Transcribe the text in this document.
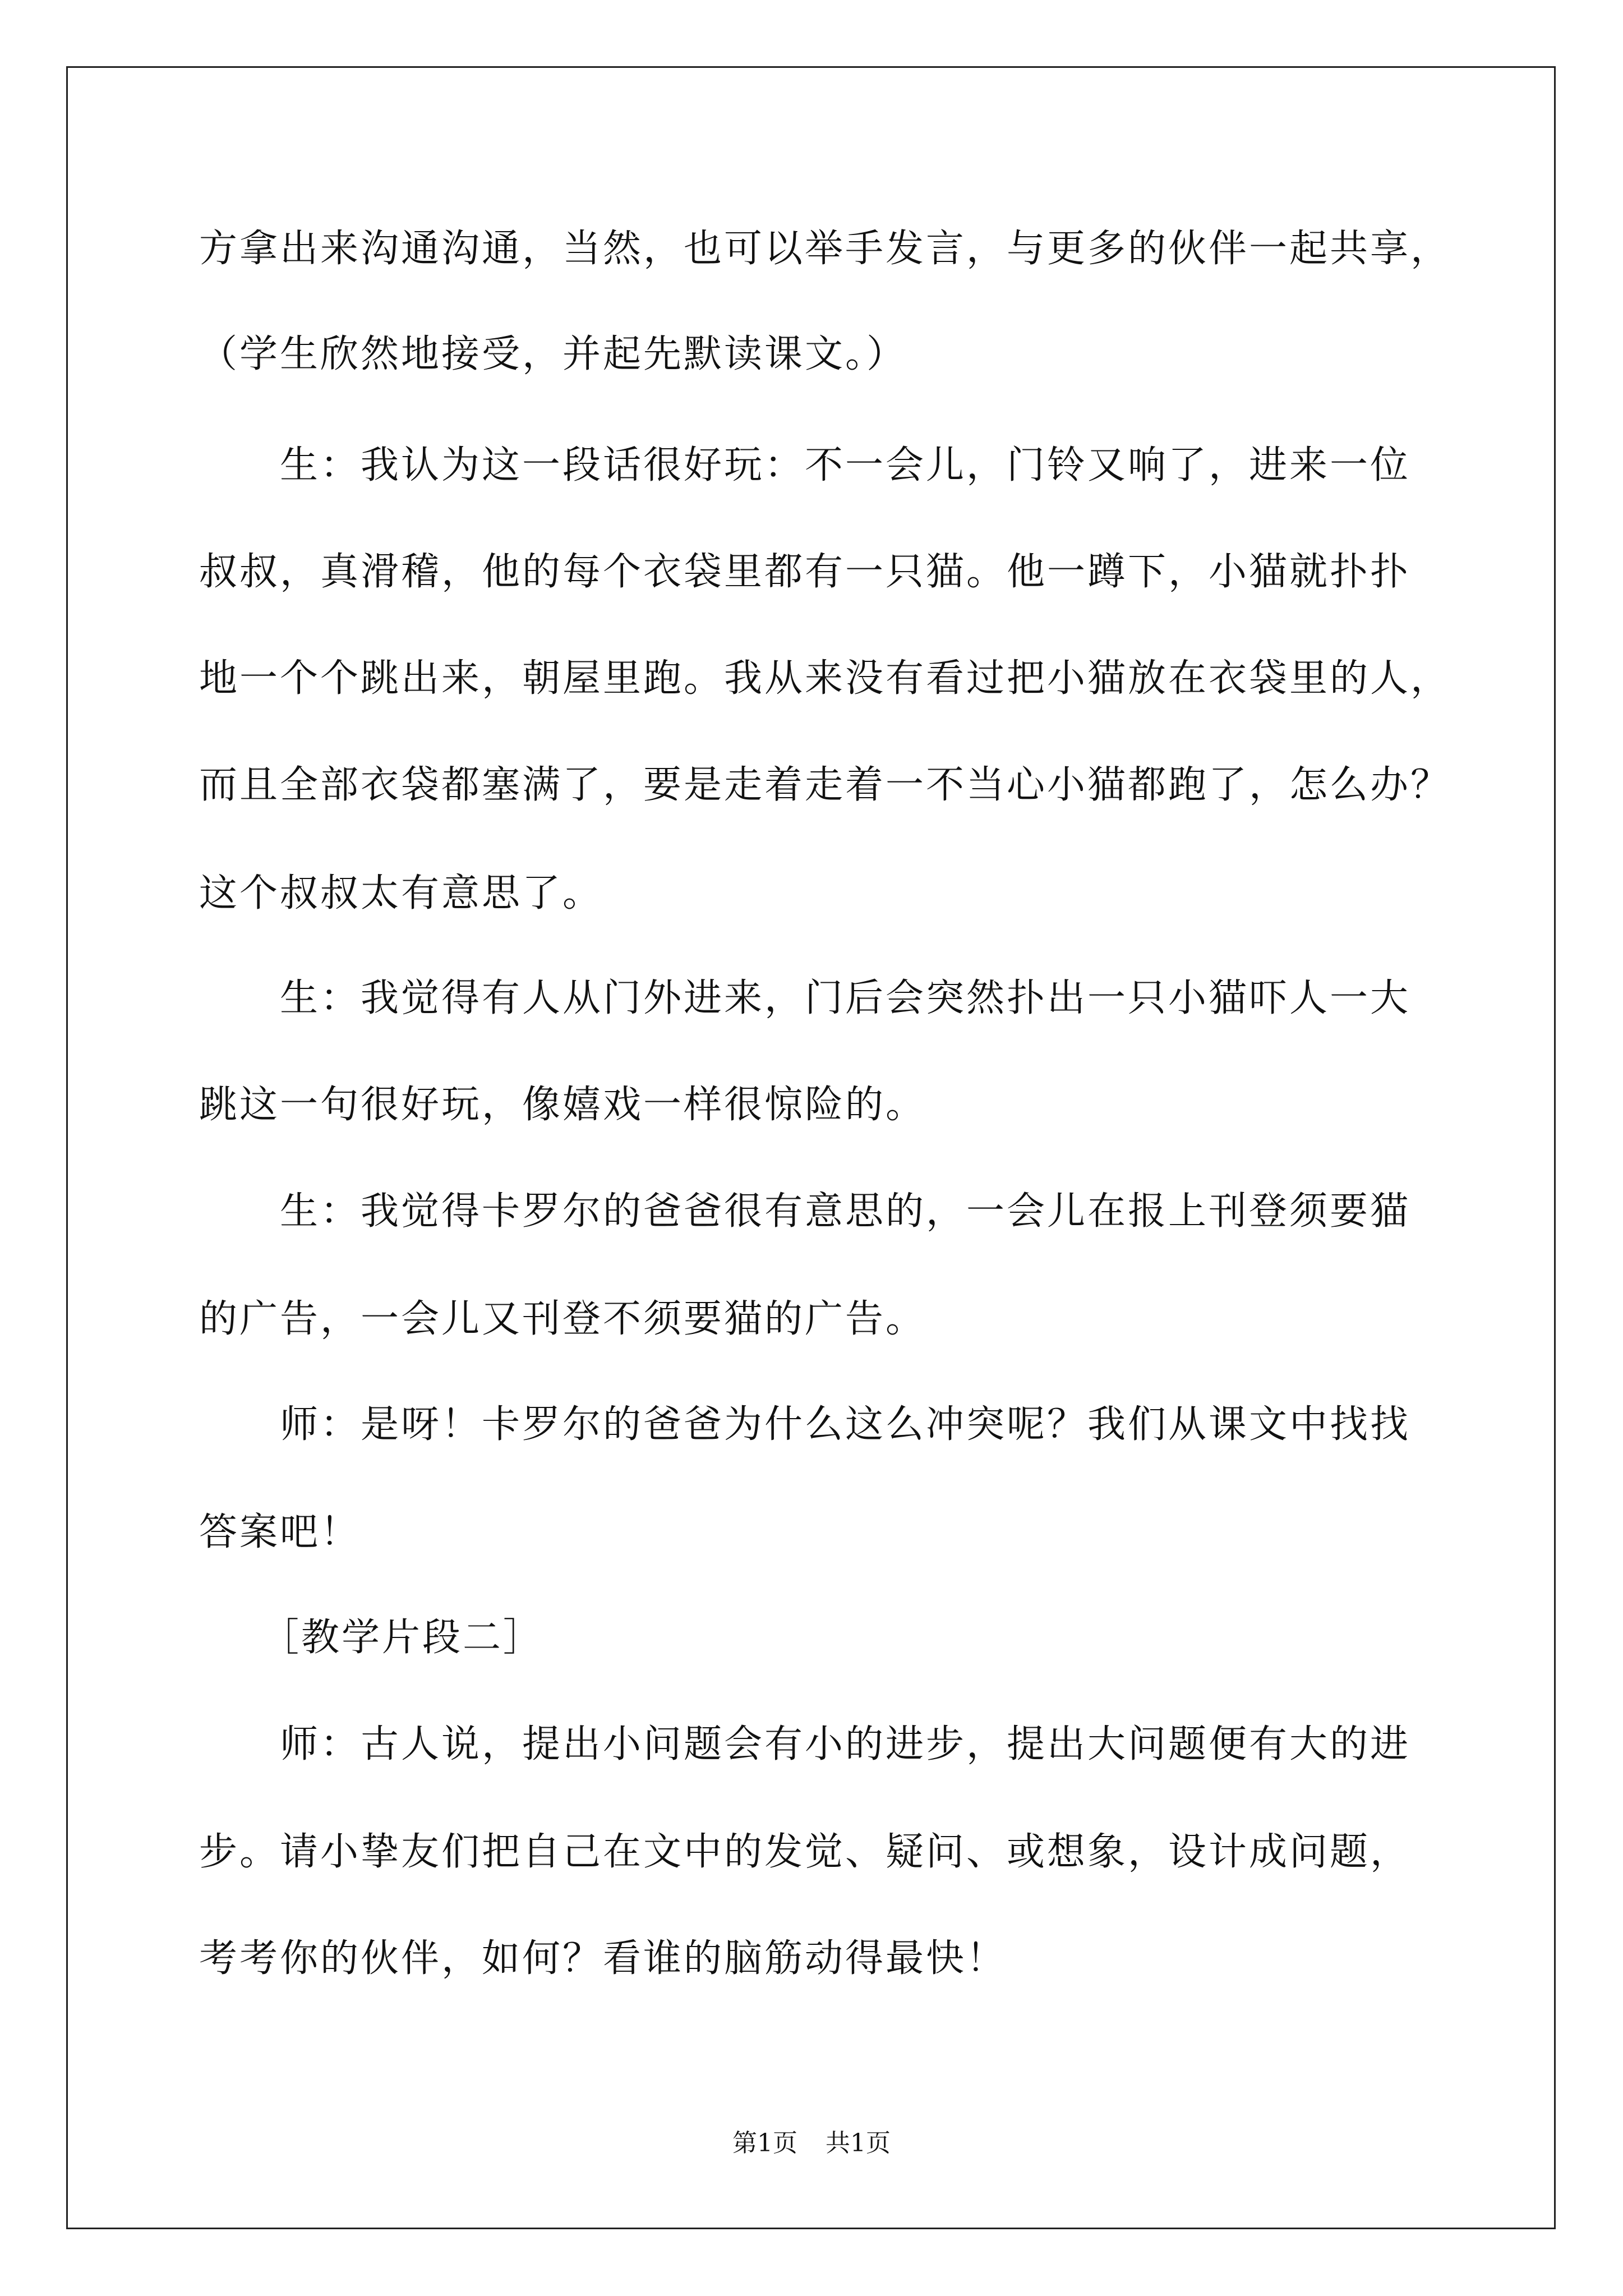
方拿出来沟通沟通，当然，也可以举手发言，与更多的伙伴一起共享，
（学生欣然地接受，并起先默读课文。）
　　生：我认为这一段话很好玩：不一会儿，门铃又响了，进来一位
叔叔，真滑稽，他的每个衣袋里都有一只猫。他一蹲下，小猫就扑扑
地一个个跳出来，朝屋里跑。我从来没有看过把小猫放在衣袋里的人，
而且全部衣袋都塞满了，要是走着走着一不当心小猫都跑了，怎么办？
这个叔叔太有意思了。
　　生：我觉得有人从门外进来，门后会突然扑出一只小猫吓人一大
跳这一句很好玩，像嬉戏一样很惊险的。
　　生：我觉得卡罗尔的爸爸很有意思的，一会儿在报上刊登须要猫
的广告，一会儿又刊登不须要猫的广告。
　　师：是呀！卡罗尔的爸爸为什么这么冲突呢？我们从课文中找找
答案吧！
　　［教学片段二］
　　师：古人说，提出小问题会有小的进步，提出大问题便有大的进
步。请小挚友们把自己在文中的发觉、疑问、或想象，设计成问题，
考考你的伙伴，如何？看谁的脑筋动得最快！
第1页 共1页
